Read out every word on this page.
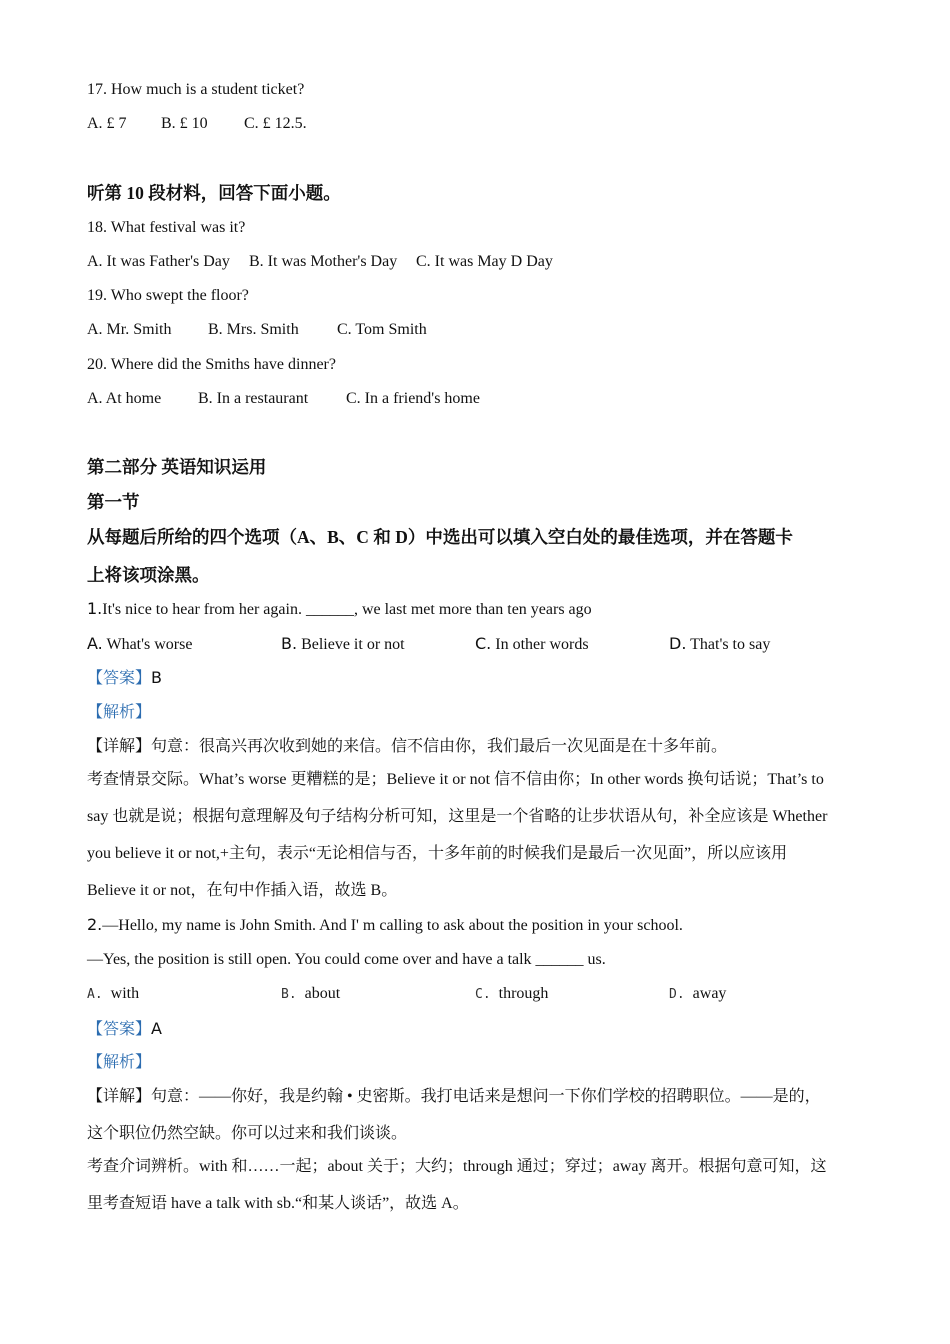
17. How much is a student ticket?
A. £ 7 B. £ 10 C. £ 12.5.
听第 10 段材料，回答下面小题。
18. What festival was it?
A. It was Father's Day B. It was Mother's Day C. It was May D Day
19. Who swept the floor?
A. Mr. Smith B. Mrs. Smith C. Tom Smith
20. Where did the Smiths have dinner?
A. At home B. In a restaurant C. In a friend's home
第二部分 英语知识运用
第一节
从每题后所给的四个选项（A、B、C 和 D）中选出可以填入空白处的最佳选项，并在答题卡
上将该项涂黑。
1.It's nice to hear from her again. ______, we last met more than ten years ago
A. What's worse	B. Believe it or not	C. In other words	D. That's to say
【答案】B
【解析】
【详解】句意：很高兴再次收到她的来信。信不信由你，我们最后一次见面是在十多年前。
考查情景交际。What’s worse 更糟糕的是；Believe it or not 信不信由你；In other words 换句话说；That’s to
say 也就是说；根据句意理解及句子结构分析可知，这里是一个省略的让步状语从句，补全应该是 Whether
you believe it or not,+主句，表示“无论相信与否，十多年前的时候我们是最后一次见面”，所以应该用
Believe it or not，在句中作插入语，故选 B。
2.—Hello, my name is John Smith. And I' m calling to ask about the position in your school.
—Yes, the position is still open. You could come over and have a talk ______ us.
A. with	B. about	C. through	D. away
【答案】A
【解析】
【详解】句意：——你好，我是约翰 • 史密斯。我打电话来是想问一下你们学校的招聘职位。——是的，
这个职位仍然空缺。你可以过来和我们谈谈。
考查介词辨析。with 和……一起；about 关于；大约；through 通过；穿过；away 离开。根据句意可知，这
里考查短语 have a talk with sb.“和某人谈话”，故选 A。
